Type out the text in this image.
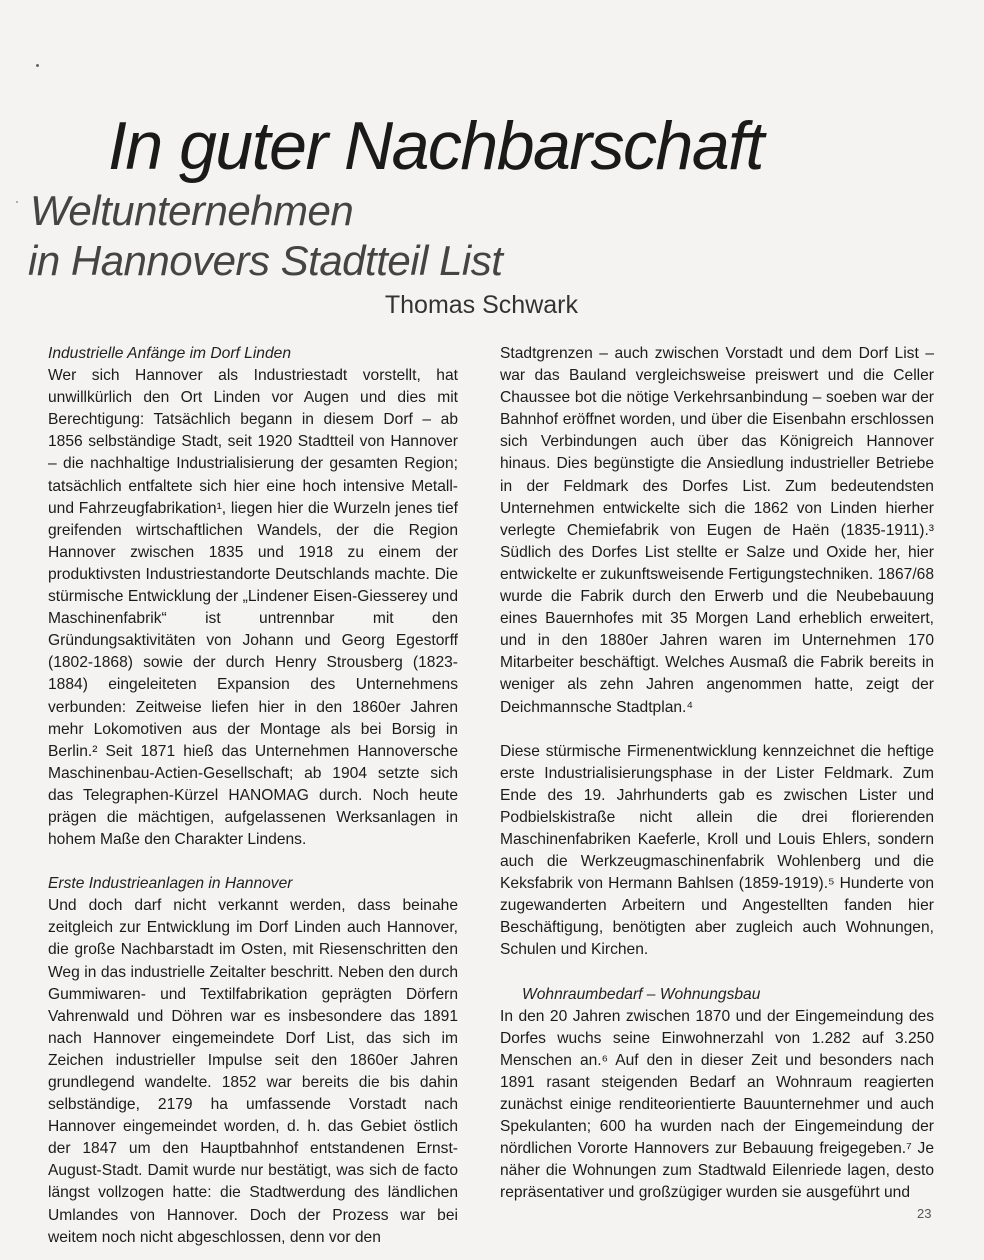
In guter Nachbarschaft
Weltunternehmen
in Hannovers Stadtteil List
Thomas Schwark
Industrielle Anfänge im Dorf Linden

Wer sich Hannover als Industriestadt vorstellt, hat unwillkürlich den Ort Linden vor Augen und dies mit Berechtigung: Tatsächlich begann in diesem Dorf – ab 1856 selbständige Stadt, seit 1920 Stadtteil von Hannover – die nachhaltige Industrialisierung der gesamten Region; tatsächlich entfaltete sich hier eine hoch intensive Metall- und Fahrzeugfabrikation¹, liegen hier die Wurzeln jenes tief greifenden wirtschaftlichen Wandels, der die Region Hannover zwischen 1835 und 1918 zu einem der produktivsten Industriestandorte Deutschlands machte. Die stürmische Entwicklung der „Lindener Eisen-Giesserey und Maschinenfabrik“ ist untrennbar mit den Gründungsaktivitäten von Johann und Georg Egestorff (1802-1868) sowie der durch Henry Strousberg (1823-1884) eingeleiteten Expansion des Unternehmens verbunden: Zeitweise liefen hier in den 1860er Jahren mehr Lokomotiven aus der Montage als bei Borsig in Berlin.² Seit 1871 hieß das Unternehmen Hannoversche Maschinenbau-Actien-Gesellschaft; ab 1904 setzte sich das Telegraphen-Kürzel HANOMAG durch. Noch heute prägen die mächtigen, aufgelassenen Werksanlagen in hohem Maße den Charakter Lindens.

Erste Industrieanlagen in Hannover

Und doch darf nicht verkannt werden, dass beinahe zeitgleich zur Entwicklung im Dorf Linden auch Hannover, die große Nachbarstadt im Osten, mit Riesenschritten den Weg in das industrielle Zeitalter beschritt. Neben den durch Gummiwaren- und Textilfabrikation geprägten Dörfern Vahrenwald und Döhren war es insbesondere das 1891 nach Hannover eingemeindete Dorf List, das sich im Zeichen industrieller Impulse seit den 1860er Jahren grundlegend wandelte. 1852 war bereits die bis dahin selbständige, 2179 ha umfassende Vorstadt nach Hannover eingemeindet worden, d. h. das Gebiet östlich der 1847 um den Hauptbahnhof entstandenen Ernst-August-Stadt. Damit wurde nur bestätigt, was sich de facto längst vollzogen hatte: die Stadtwerdung des ländlichen Umlandes von Hannover. Doch der Prozess war bei weitem noch nicht abgeschlossen, denn vor den

Stadtgrenzen – auch zwischen Vorstadt und dem Dorf List – war das Bauland vergleichsweise preiswert und die Celler Chaussee bot die nötige Verkehrsanbindung – soeben war der Bahnhof eröffnet worden, und über die Eisenbahn erschlossen sich Verbindungen auch über das Königreich Hannover hinaus. Dies begünstigte die Ansiedlung industrieller Betriebe in der Feldmark des Dorfes List. Zum bedeutendsten Unternehmen entwickelte sich die 1862 von Linden hierher verlegte Chemiefabrik von Eugen de Haën (1835-1911).³ Südlich des Dorfes List stellte er Salze und Oxide her, hier entwickelte er zukunftsweisende Fertigungstechniken. 1867/68 wurde die Fabrik durch den Erwerb und die Neubebauung eines Bauernhofes mit 35 Morgen Land erheblich erweitert, und in den 1880er Jahren waren im Unternehmen 170 Mitarbeiter beschäftigt. Welches Ausmaß die Fabrik bereits in weniger als zehn Jahren angenommen hatte, zeigt der Deichmannsche Stadtplan.⁴

Diese stürmische Firmenentwicklung kennzeichnet die heftige erste Industrialisierungsphase in der Lister Feldmark. Zum Ende des 19. Jahrhunderts gab es zwischen Lister und Podbielskistraße nicht allein die drei florierenden Maschinenfabriken Kaeferle, Kroll und Louis Ehlers, sondern auch die Werkzeugmaschinenfabrik Wohlenberg und die Keksfabrik von Hermann Bahlsen (1859-1919).⁵ Hunderte von zugewanderten Arbeitern und Angestellten fanden hier Beschäftigung, benötigten aber zugleich auch Wohnungen, Schulen und Kirchen.

Wohnraumbedarf – Wohnungsbau

In den 20 Jahren zwischen 1870 und der Eingemeindung des Dorfes wuchs seine Einwohnerzahl von 1.282 auf 3.250 Menschen an.⁶ Auf den in dieser Zeit und besonders nach 1891 rasant steigenden Bedarf an Wohnraum reagierten zunächst einige renditeorientierte Bauunternehmer und auch Spekulanten; 600 ha wurden nach der Eingemeindung der nördlichen Vororte Hannovers zur Bebauung freigegeben.⁷ Je näher die Wohnungen zum Stadtwald Eilenriede lagen, desto repräsentativer und großzügiger wurden sie ausgeführt und

23
